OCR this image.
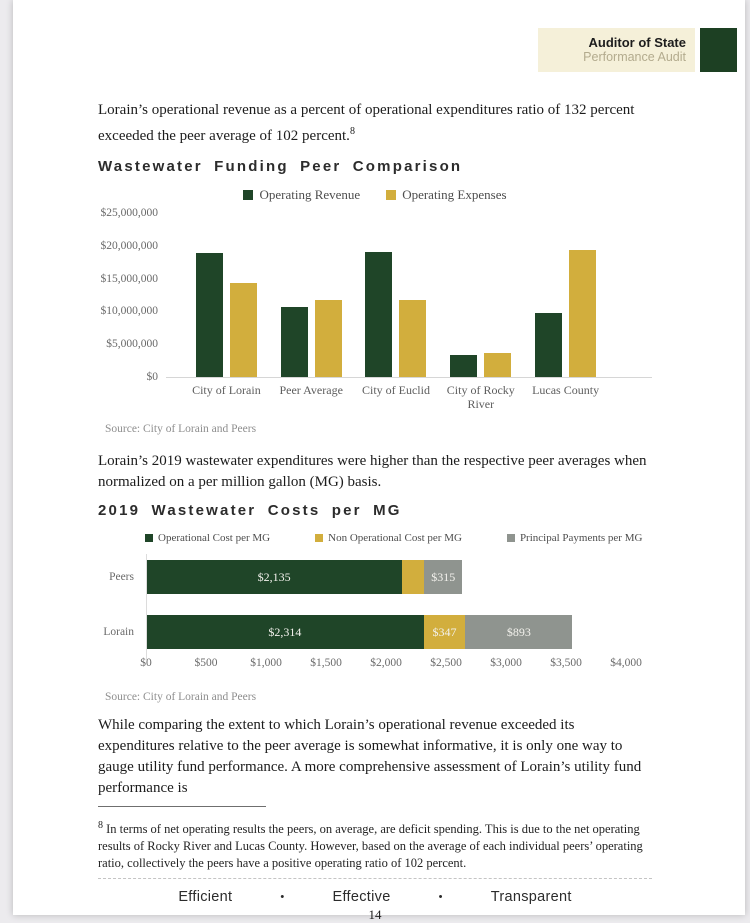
Auditor of State
Performance Audit

Lorain’s operational revenue as a percent of operational expenditures ratio of 132 percent exceeded the peer average of 102 percent.$^8$

Wastewater Funding Peer Comparison
Operating Revenue	Operating Expenses
$25,000,000
$20,000,000
$15,000,000
$10,000,000
$5,000,000
$0
City of Lorain	Peer Average	City of Euclid	City of Rocky River
Lucas County
Source: City of Lorain and Peers

Lorain’s 2019 wastewater expenditures were higher than the respective peer averages when normalized on a per million gallon (MG) basis.

2019 Wastewater Costs per MG
Operational Cost per MG	Non Operational Cost per MG	Principal Payments per MG
Peers	$2,135	$315
Lorain	$2,314	$347	$893
$0	$500	$1,000 $1,500 $2,000 $2,500 $3,000 $3,500 $4,000
Source: City of Lorain and Peers

While comparing the extent to which Lorain’s operational revenue exceeded its expenditures relative to the peer average is somewhat informative, it is only one way to gauge utility fund performance. A more comprehensive assessment of Lorain’s utility fund performance is

$^8$ In terms of net operating results the peers, on average, are deficit spending. This is due to the net operating results of Rocky River and Lucas County. However, based on the average of each individual peers’ operating ratio, collectively the peers have a positive operating ratio of 102 percent.
Efficient	•	Effective	•	Transparent
14
